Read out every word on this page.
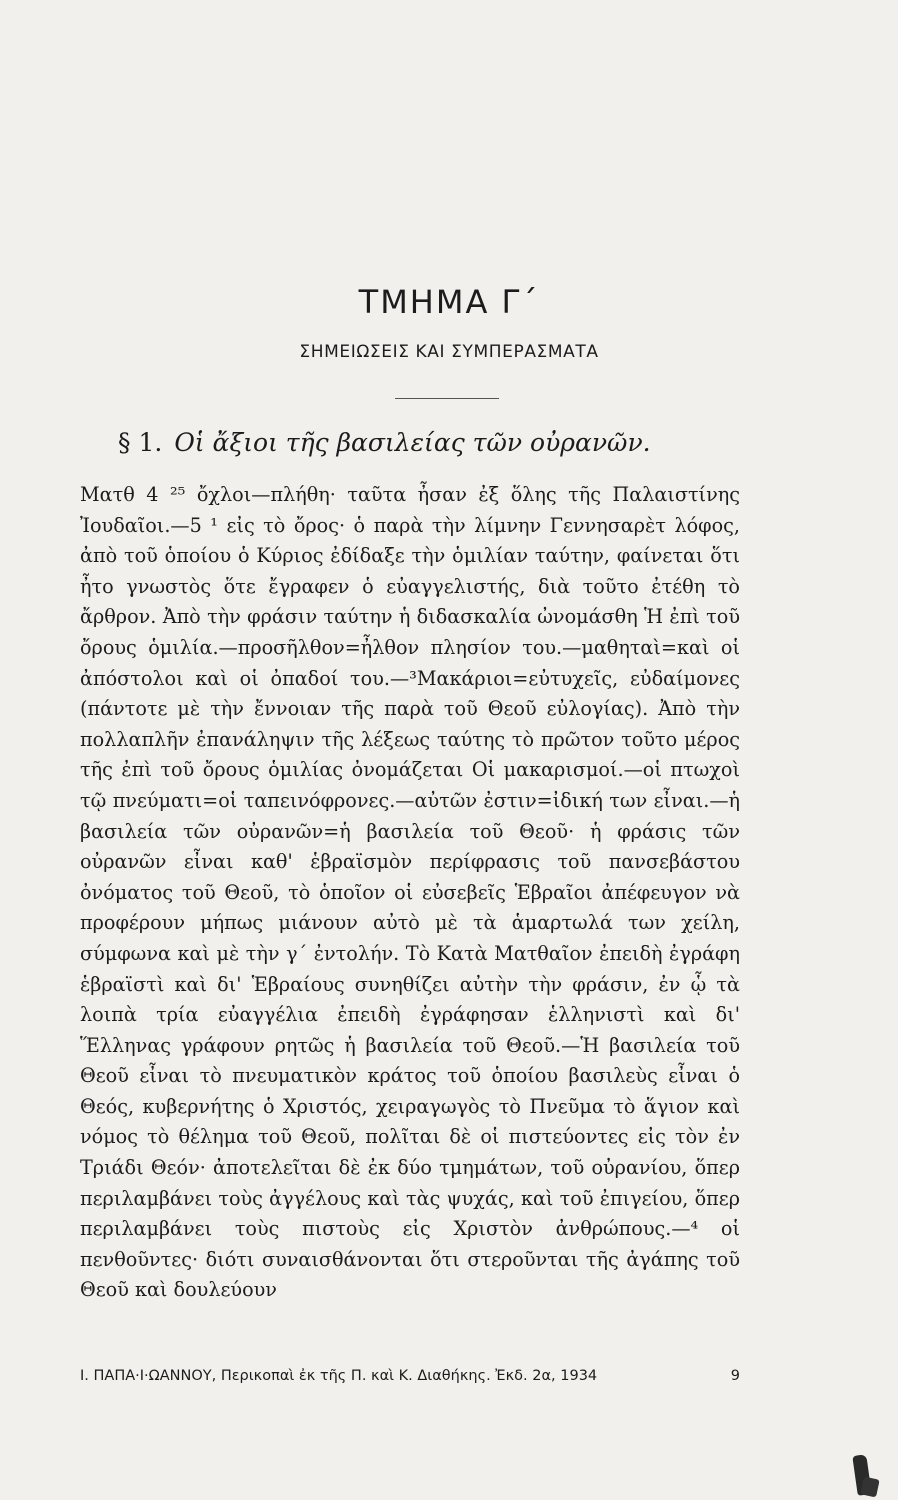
ΤΜΗΜΑ Γ΄
ΣΗΜΕΙΩΣΕΙΣ ΚΑΙ ΣΥΜΠΕΡΑΣΜΑΤΑ
§ 1. Οἱ ἄξιοι τῆς βασιλείας τῶν οὐρανῶν.

Ματθ 4 ²⁵ ὄχλοι—πλήθη· ταῦτα ἦσαν ἐξ ὅλης τῆς Παλαιστίνης Ἰουδαῖοι.—5 ¹ εἰς τὸ ὄρος· ὁ παρὰ τὴν λίμνην Γεννησαρὲτ λόφος, ἀπὸ τοῦ ὁποίου ὁ Κύριος ἐδίδαξε τὴν ὁμιλίαν ταύτην, φαίνεται ὅτι ἦτο γνωστὸς ὅτε ἔγραφεν ὁ εὐαγγελιστής, διὰ τοῦτο ἐτέθη τὸ ἄρθρον. Ἀπὸ τὴν φράσιν ταύτην ἡ διδασκαλία ὠνομάσθη Ἡ ἐπὶ τοῦ ὄρους ὁμιλία.—προσῆλθον=ἦλθον πλησίον του.—μαθηταὶ=καὶ οἱ ἀπόστολοι καὶ οἱ ὀπαδοί του.—³Μακάριοι=εὐτυχεῖς, εὐδαίμονες (πάντοτε μὲ τὴν ἔννοιαν τῆς παρὰ τοῦ Θεοῦ εὐλογίας). Ἀπὸ τὴν πολλαπλῆν ἐπανάληψιν τῆς λέξεως ταύτης τὸ πρῶτον τοῦτο μέρος τῆς ἐπὶ τοῦ ὄρους ὁμιλίας ὀνομάζεται Οἱ μακαρισμοί.—οἱ πτωχοὶ τῷ πνεύματι=οἱ ταπεινόφρονες.—αὐτῶν ἐστιν=ἰδική των εἶναι.—ἡ βασιλεία τῶν οὐρανῶν=ἡ βασιλεία τοῦ Θεοῦ· ἡ φράσις τῶν οὐρανῶν εἶναι καθ' ἑβραϊσμὸν περίφρασις τοῦ πανσεβάστου ὀνόματος τοῦ Θεοῦ, τὸ ὁποῖον οἱ εὐσεβεῖς Ἑβραῖοι ἀπέφευγον νὰ προφέρουν μήπως μιάνουν αὐτὸ μὲ τὰ ἁμαρτωλά των χείλη, σύμφωνα καὶ μὲ τὴν γ΄ ἐντολήν. Τὸ Κατὰ Ματθαῖον ἐπειδὴ ἐγράφη ἑβραϊστὶ καὶ δι' Ἑβραίους συνηθίζει αὐτὴν τὴν φράσιν, ἐν ᾧ τὰ λοιπὰ τρία εὐαγγέλια ἐπειδὴ ἐγράφησαν ἑλληνιστὶ καὶ δι' Ἕλληνας γράφουν ρητῶς ἡ βασιλεία τοῦ Θεοῦ.—Ἡ βασιλεία τοῦ Θεοῦ εἶναι τὸ πνευματικὸν κράτος τοῦ ὁποίου βασιλεὺς εἶναι ὁ Θεός, κυβερνήτης ὁ Χριστός, χειραγωγὸς τὸ Πνεῦμα τὸ ἅγιον καὶ νόμος τὸ θέλημα τοῦ Θεοῦ, πολῖται δὲ οἱ πιστεύοντες εἰς τὸν ἐν Τριάδι Θεόν· ἀποτελεῖται δὲ ἐκ δύο τμημάτων, τοῦ οὐρανίου, ὅπερ περιλαμβάνει τοὺς ἀγγέλους καὶ τὰς ψυχάς, καὶ τοῦ ἐπιγείου, ὅπερ περιλαμβάνει τοὺς πιστοὺς εἰς Χριστὸν ἀνθρώπους.—⁴ οἱ πενθοῦντες· διότι συναισθάνονται ὅτι στεροῦνται τῆς ἀγάπης τοῦ Θεοῦ καὶ δουλεύουν

Ι. ΠΑΠΑ·Ι·ΩΑΝΝΟΥ, Περικοπαὶ ἐκ τῆς Π. καὶ Κ. Διαθήκης. Ἐκδ. 2α, 1934	9
